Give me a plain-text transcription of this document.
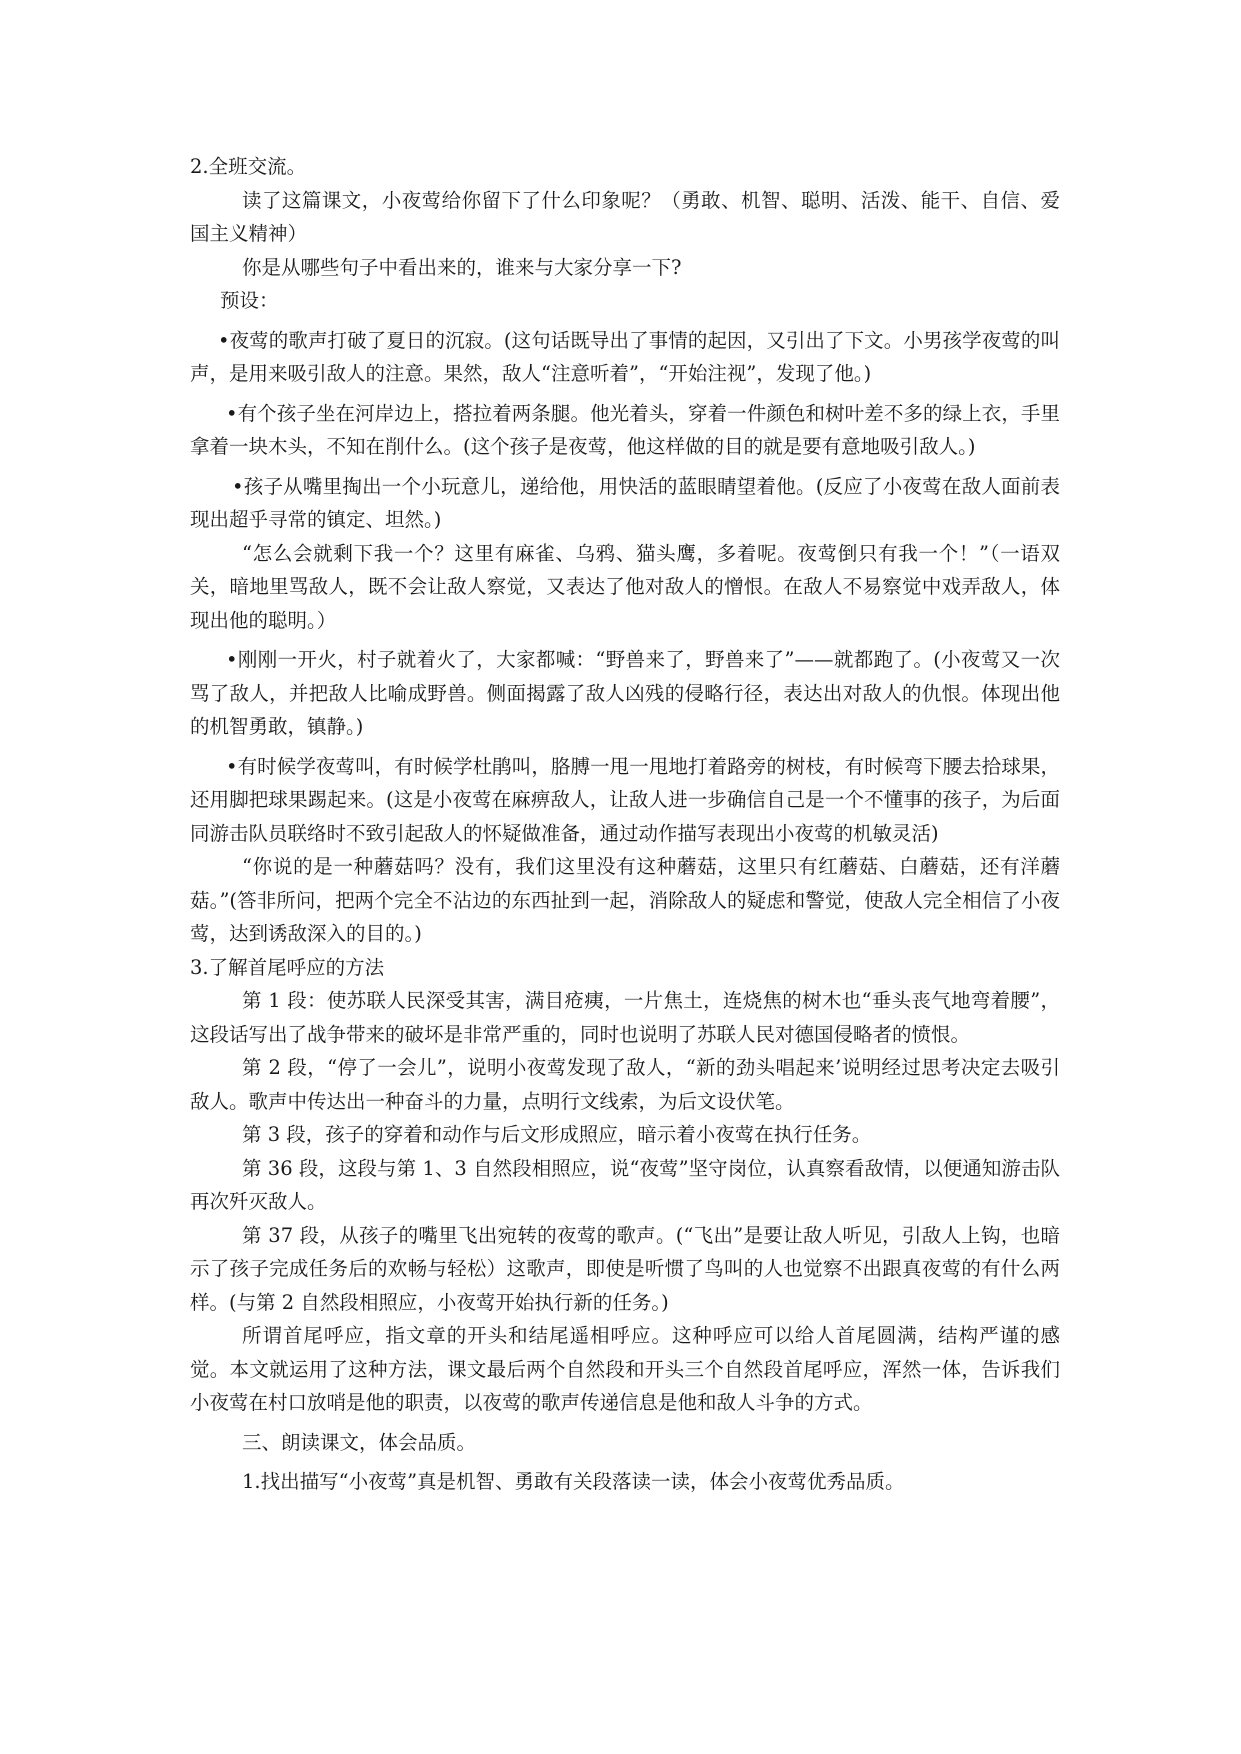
2.全班交流。

读了这篇课文，小夜莺给你留下了什么印象呢？（勇敢、机智、聪明、活泼、能干、自信、爱国主义精神）

你是从哪些句子中看出来的，谁来与大家分享一下?

预设：

•夜莺的歌声打破了夏日的沉寂。(这句话既导出了事情的起因，又引出了下文。小男孩学夜莺的叫声，是用来吸引敌人的注意。果然，敌人“注意听着”，“开始注视”，发现了他。)

•有个孩子坐在河岸边上，搭拉着两条腿。他光着头，穿着一件颜色和树叶差不多的绿上衣，手里拿着一块木头，不知在削什么。(这个孩子是夜莺，他这样做的目的就是要有意地吸引敌人。)

•孩子从嘴里掏出一个小玩意儿，递给他，用快活的蓝眼睛望着他。(反应了小夜莺在敌人面前表现出超乎寻常的镇定、坦然。)

“怎么会就剩下我一个？这里有麻雀、乌鸦、猫头鹰，多着呢。夜莺倒只有我一个！”（一语双关，暗地里骂敌人，既不会让敌人察觉，又表达了他对敌人的憎恨。在敌人不易察觉中戏弄敌人，体现出他的聪明。）

•刚刚一开火，村子就着火了，大家都喊：“野兽来了，野兽来了”——就都跑了。(小夜莺又一次骂了敌人，并把敌人比喻成野兽。侧面揭露了敌人凶残的侵略行径，表达出对敌人的仇恨。体现出他的机智勇敢，镇静。)

•有时候学夜莺叫，有时候学杜鹃叫，胳膊一甩一甩地打着路旁的树枝，有时候弯下腰去拾球果，还用脚把球果踢起来。(这是小夜莺在麻痹敌人，让敌人进一步确信自己是一个不懂事的孩子，为后面同游击队员联络时不致引起敌人的怀疑做准备，通过动作描写表现出小夜莺的机敏灵活)

“你说的是一种蘑菇吗？没有，我们这里没有这种蘑菇，这里只有红蘑菇、白蘑菇，还有洋蘑菇。”(答非所问，把两个完全不沾边的东西扯到一起，消除敌人的疑虑和警觉，使敌人完全相信了小夜莺，达到诱敌深入的目的。)

3.了解首尾呼应的方法

第 1 段：使苏联人民深受其害，满目疮痍，一片焦土，连烧焦的树木也“垂头丧气地弯着腰”，这段话写出了战争带来的破坏是非常严重的，同时也说明了苏联人民对德国侵略者的愤恨。

第 2 段，“停了一会儿”，说明小夜莺发现了敌人，“新的劲头唱起来’说明经过思考决定去吸引敌人。歌声中传达出一种奋斗的力量，点明行文线索，为后文设伏笔。

第 3 段，孩子的穿着和动作与后文形成照应，暗示着小夜莺在执行任务。

第 36 段，这段与第 1、3 自然段相照应，说“夜莺”坚守岗位，认真察看敌情，以便通知游击队再次歼灭敌人。

第 37 段，从孩子的嘴里飞出宛转的夜莺的歌声。(“飞出”是要让敌人听见，引敌人上钩，也暗示了孩子完成任务后的欢畅与轻松）这歌声，即使是听惯了鸟叫的人也觉察不出跟真夜莺的有什么两样。(与第 2 自然段相照应，小夜莺开始执行新的任务。)

所谓首尾呼应，指文章的开头和结尾遥相呼应。这种呼应可以给人首尾圆满，结构严谨的感觉。本文就运用了这种方法，课文最后两个自然段和开头三个自然段首尾呼应，浑然一体，告诉我们小夜莺在村口放哨是他的职责，以夜莺的歌声传递信息是他和敌人斗争的方式。

三、朗读课文，体会品质。

1.找出描写“小夜莺”真是机智、勇敢有关段落读一读，体会小夜莺优秀品质。
